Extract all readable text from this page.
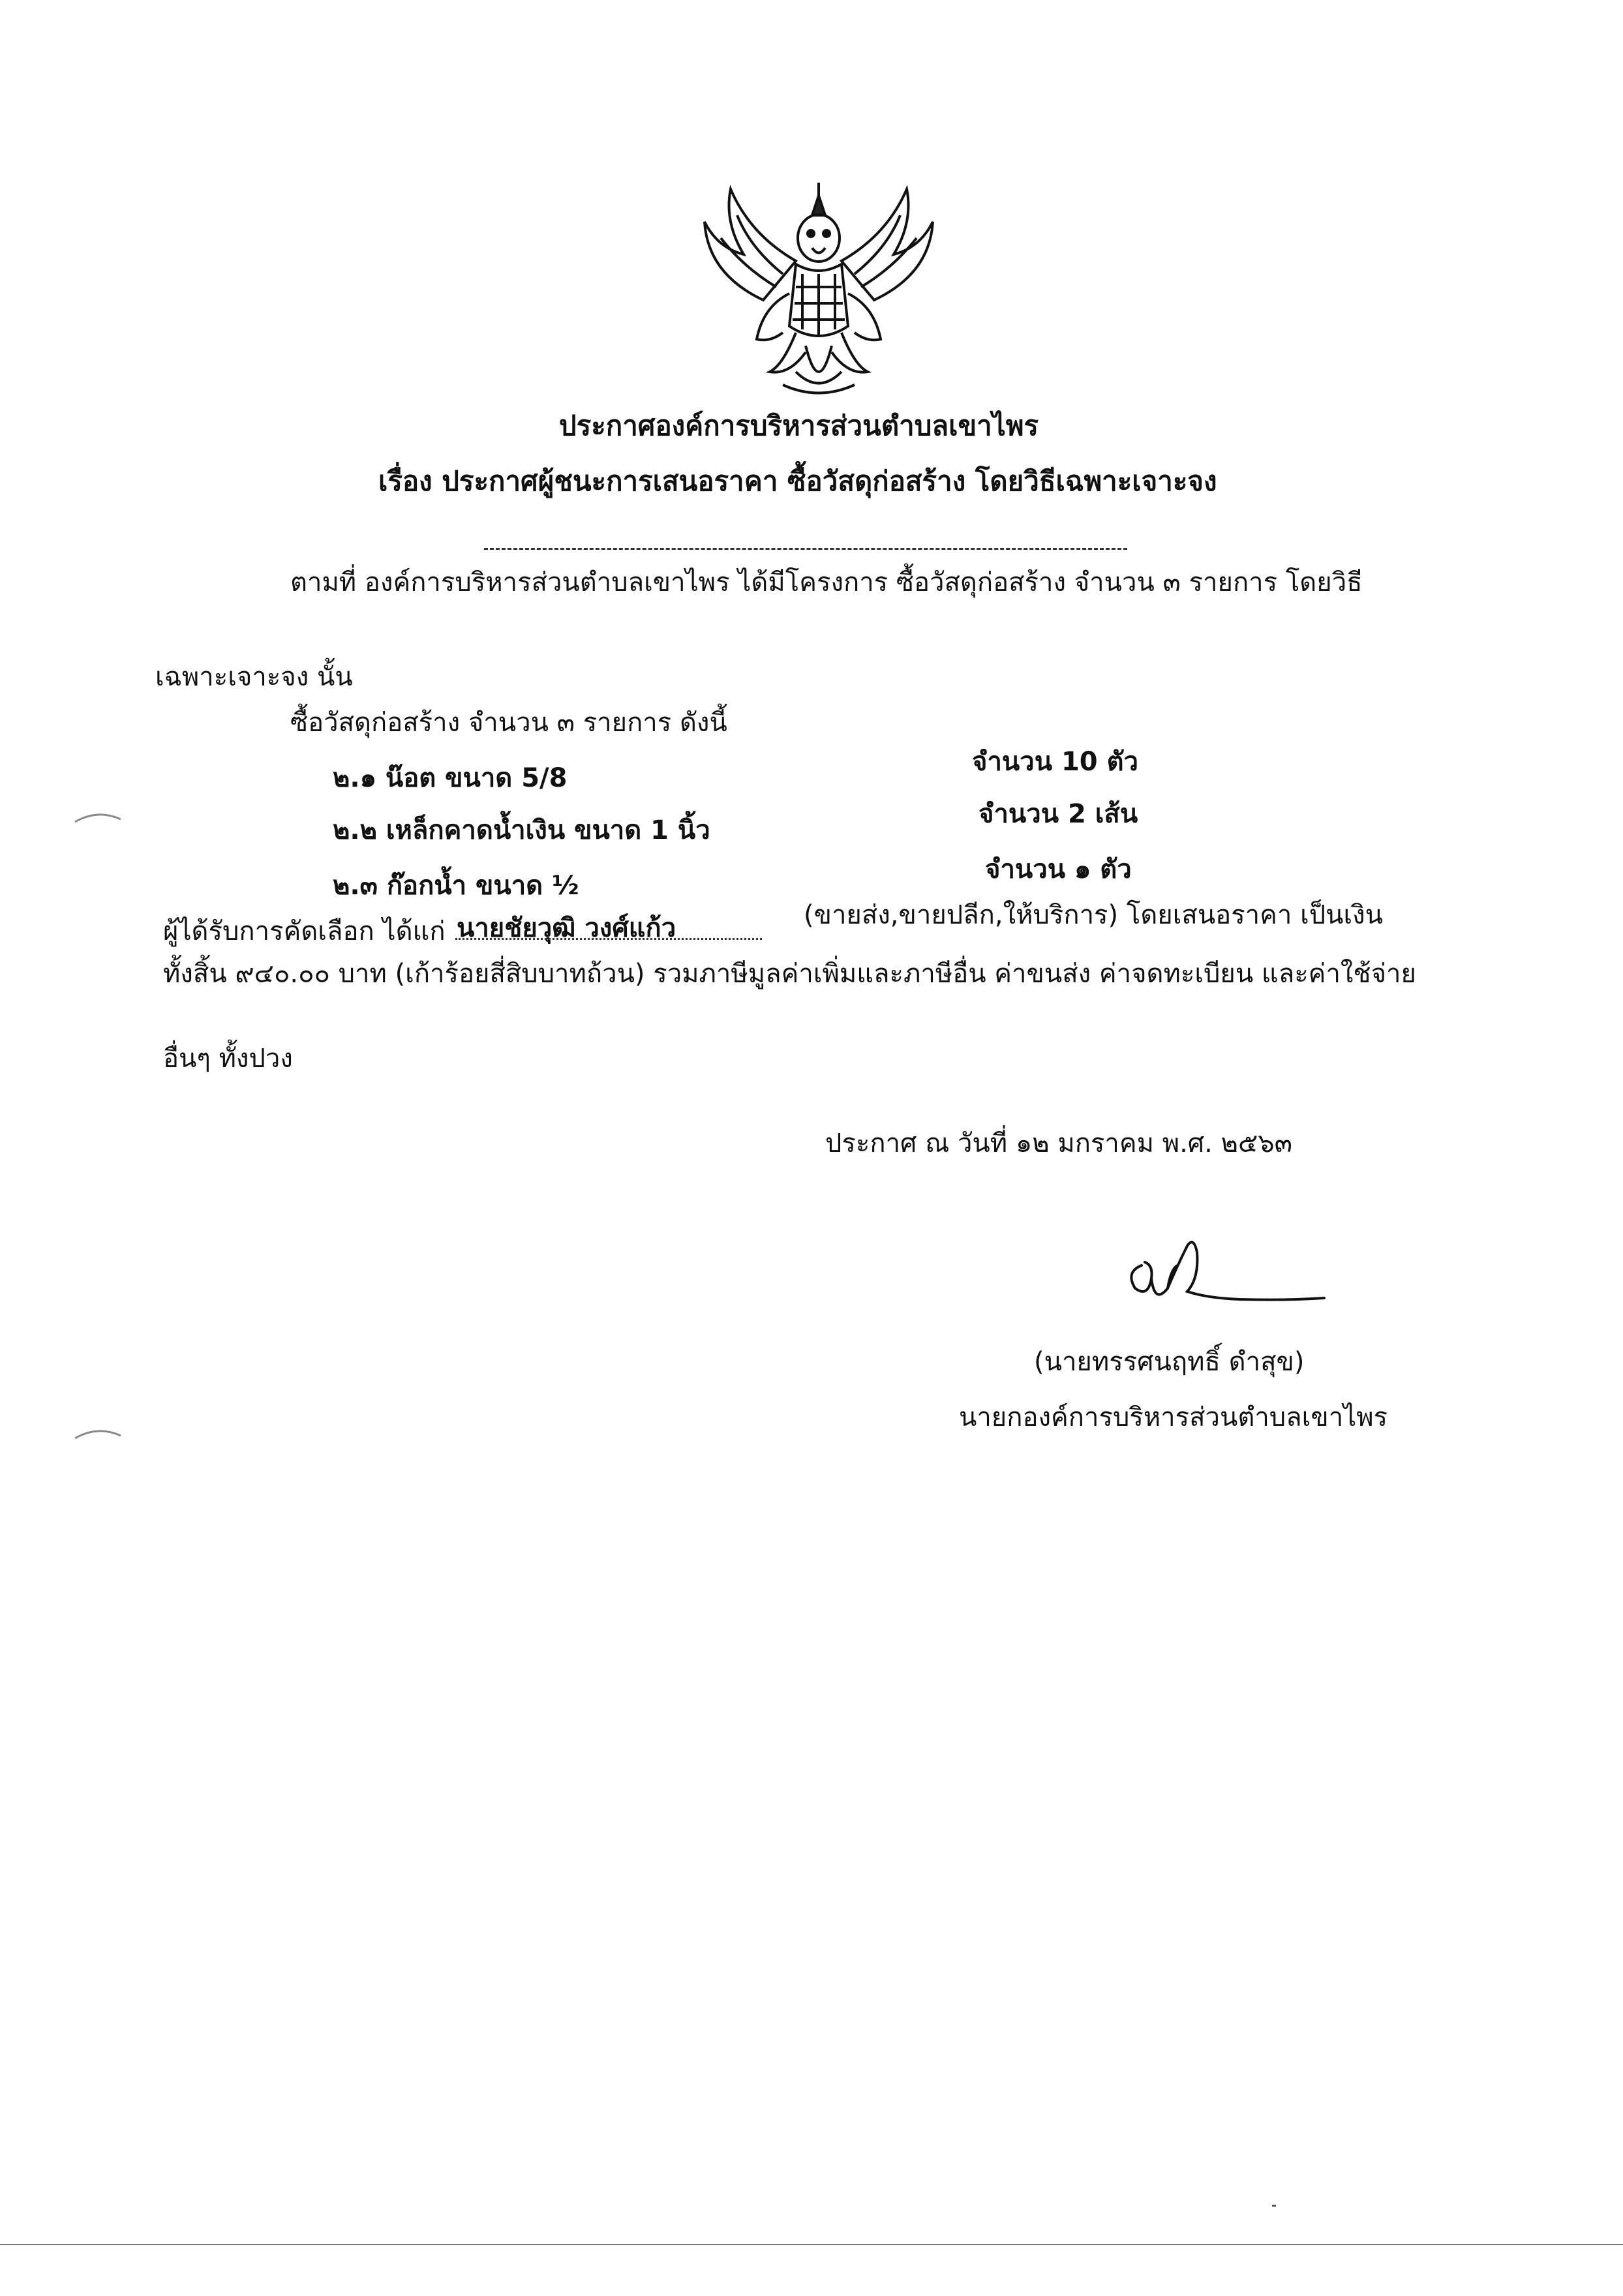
ประกาศองค์การบริหารส่วนตำบลเขาไพร
เรื่อง ประกาศผู้ชนะการเสนอราคา ซื้อวัสดุก่อสร้าง โดยวิธีเฉพาะเจาะจง
ตามที่ องค์การบริหารส่วนตำบลเขาไพร ได้มีโครงการ ซื้อวัสดุก่อสร้าง จำนวน ๓ รายการ โดยวิธี
เฉพาะเจาะจง นั้น
ซื้อวัสดุก่อสร้าง จำนวน ๓ รายการ ดังนี้
๒.๑ น๊อต ขนาด 5/8
จำนวน 10 ตัว
๒.๒ เหล็กคาดน้ำเงิน ขนาด 1 นิ้ว
จำนวน 2 เส้น
๒.๓ ก๊อกน้ำ ขนาด ½
จำนวน ๑ ตัว
ผู้ได้รับการคัดเลือก ได้แก่ นายชัยวุฒิ วงศ์แก้ว	(ขายส่ง,ขายปลีก,ให้บริการ) โดยเสนอราคา เป็นเงิน
ทั้งสิ้น ๙๔๐.๐๐ บาท (เก้าร้อยสี่สิบบาทถ้วน) รวมภาษีมูลค่าเพิ่มและภาษีอื่น ค่าขนส่ง ค่าจดทะเบียน และค่าใช้จ่าย
อื่นๆ ทั้งปวง
ประกาศ ณ วันที่ ๑๒ มกราคม พ.ศ. ๒๕๖๓
(นายทรรศนฤทธิ์ ดำสุข)
นายกองค์การบริหารส่วนตำบลเขาไพร
